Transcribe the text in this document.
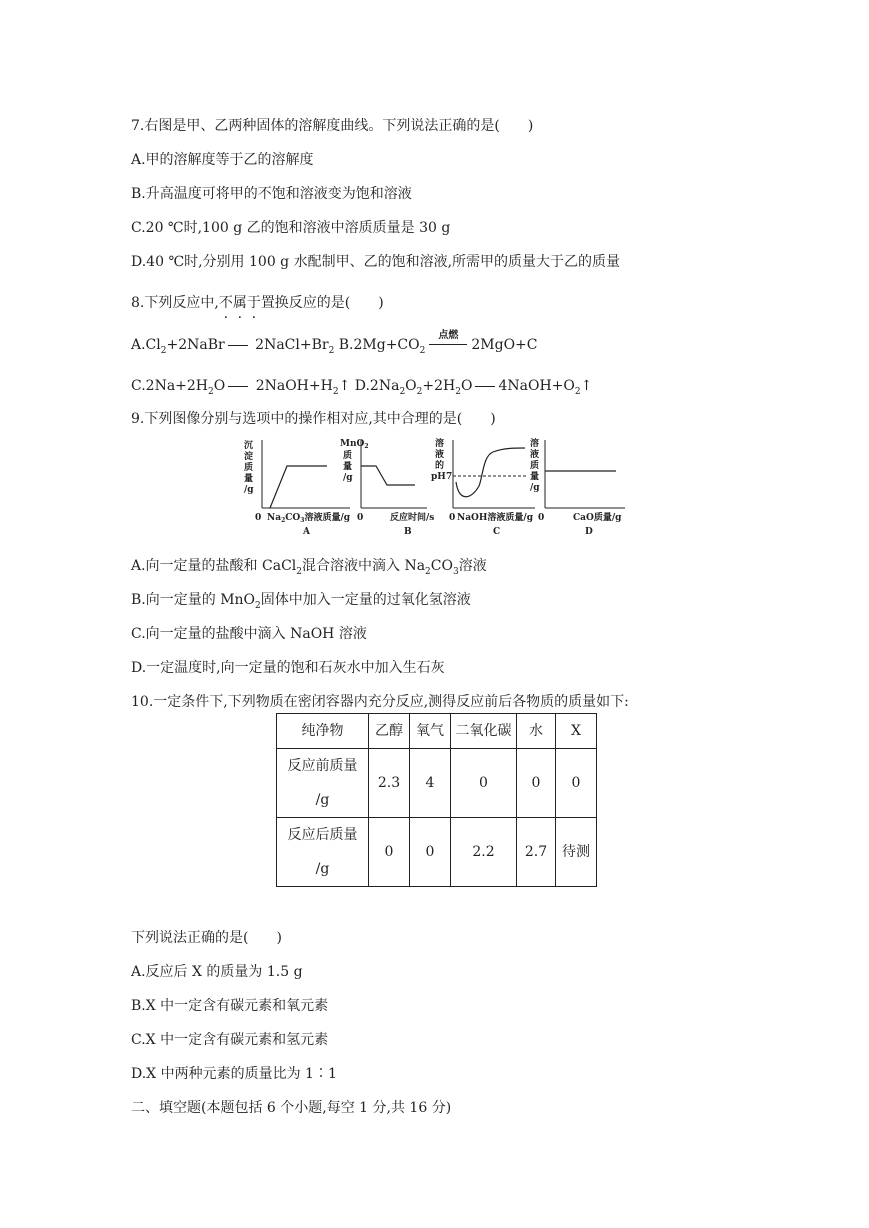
7.右图是甲、乙两种固体的溶解度曲线。下列说法正确的是(　　)
A.甲的溶解度等于乙的溶解度
B.升高温度可将甲的不饱和溶液变为饱和溶液
C.20 ℃时,100 g 乙的饱和溶液中溶质质量是 30 g
D.40 ℃时,分别用 100 g 水配制甲、乙的饱和溶液,所需甲的质量大于乙的质量
8.下列反应中,不属于置换反应的是(　　)
$A.Cl_2+2NaBr$ $2NaCl+Br_2$ $B.2Mg+CO_2$
点燃
2MgO+C
$C.2Na+2H_2O$ $2NaOH+H_2↑$ $D.2Na_2O_2+2H_2O$ $4NaOH+O_2↑$
9.下列图像分别与选项中的操作相对应,其中合理的是(　　)
沉
淀
质
量
/g
0 $Na_2CO_3$溶液质量/g
A
MnO$_2$
质
量
/g
0	反应时间/s
B
溶
液
的
pH 7
0 NaOH溶液质量/g
C
溶
液
质
量
/g
0	CaO质量/g
D
A.向一定量的盐酸和 CaCl$_2$混合溶液中滴入 $Na_2CO_3$溶液
B.向一定量的 MnO$_2$固体中加入一定量的过氧化氢溶液
C.向一定量的盐酸中滴入 NaOH 溶液
D.一定温度时,向一定量的饱和石灰水中加入生石灰
10.一定条件下,下列物质在密闭容器内充分反应,测得反应前后各物质的质量如下:
纯净物	乙醇	氧气	二氧化碳	水	X

反应前质量
/g	2.3	4	0	0	0

反应后质量
/g	0	0	2.2	2.7	待测
下列说法正确的是(　　)
A.反应后 X 的质量为 1.5 g
B.X 中一定含有碳元素和氧元素
C.X 中一定含有碳元素和氢元素
D.X 中两种元素的质量比为 1∶1
二、填空题(本题包括 6 个小题,每空 1 分,共 16 分)
